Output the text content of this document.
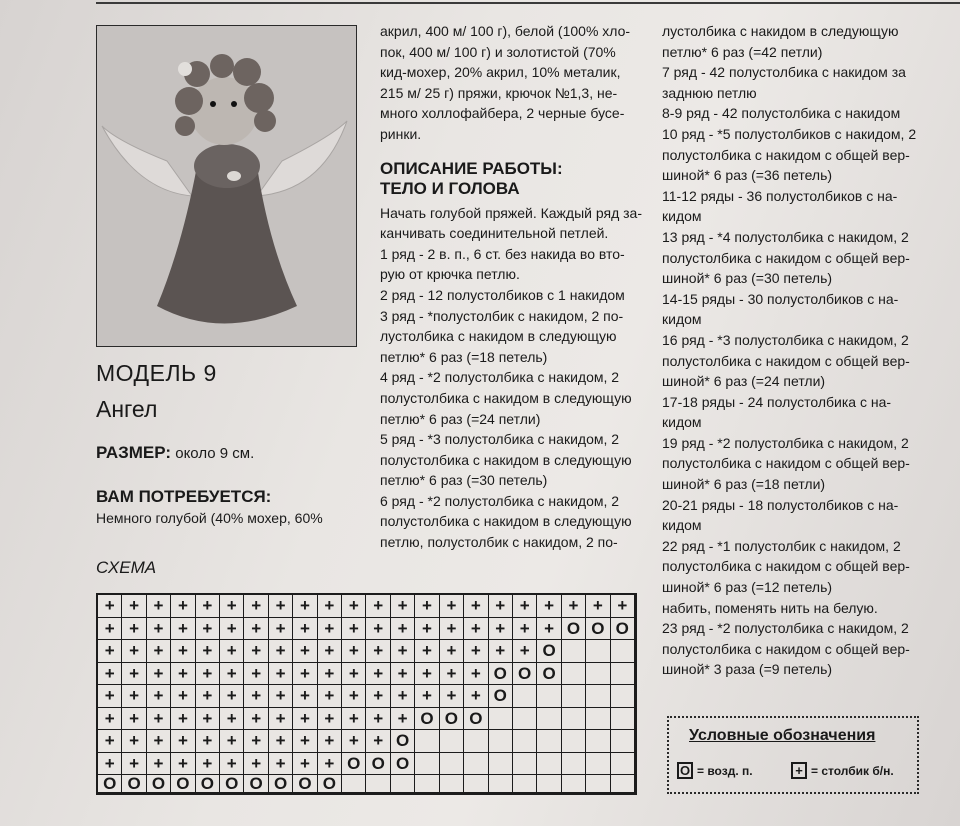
МОДЕЛЬ 9
Ангел
РАЗМЕР: около 9 см.
ВАМ ПОТРЕБУЕТСЯ:
Немного голубой (40% мохер, 60%

акрил, 400 м/ 100 г), белой (100% хло-

пок, 400 м/ 100 г) и золотистой (70%

кид-мохер, 20% акрил, 10% металик,

215 м/ 25 г) пряжи, крючок №1,3, не-

много холлофайбера, 2 черные бусе-

ринки.

ОПИСАНИЕ РАБОТЫ:
ТЕЛО И ГОЛОВА

Начать голубой пряжей. Каждый ряд за-

канчивать соединительной петлей.

1 ряд - 2 в. п., 6 ст. без накида во вто-

рую от крючка петлю.

2 ряд - 12 полустолбиков с 1 накидом

3 ряд - *полустолбик с накидом, 2 по-

лустолбика с накидом в следующую

петлю* 6 раз (=18 петель)

4 ряд - *2 полустолбика с накидом, 2

полустолбика с накидом в следующую

петлю* 6 раз (=24 петли)

5 ряд - *3 полустолбика с накидом, 2

полустолбика с накидом в следующую

петлю* 6 раз (=30 петель)

6 ряд - *2 полустолбика с накидом, 2

полустолбика с накидом в следующую

петлю, полустолбик с накидом, 2 по-

лустолбика с накидом в следующую

петлю* 6 раз (=42 петли)

7 ряд - 42 полустолбика с накидом за

заднюю петлю

8-9 ряд - 42 полустолбика с накидом

10 ряд - *5 полустолбиков с накидом, 2

полустолбика с накидом с общей вер-

шиной* 6 раз (=36 петель)

11-12 ряды - 36 полустолбиков с на-

кидом

13 ряд - *4 полустолбика с накидом, 2

полустолбика с накидом с общей вер-

шиной* 6 раз (=30 петель)

14-15 ряды - 30 полустолбиков с на-

кидом

16 ряд - *3 полустолбика с накидом, 2

полустолбика с накидом с общей вер-

шиной* 6 раз (=24 петли)

17-18 ряды - 24 полустолбика с на-

кидом

19 ряд - *2 полустолбика с накидом, 2

полустолбика с накидом с общей вер-

шиной* 6 раз (=18 петли)

20-21 ряды - 18 полустолбиков с на-

кидом

22 ряд - *1 полустолбик с накидом, 2

полустолбика с накидом с общей вер-

шиной* 6 раз (=12 петель)

набить, поменять нить на белую.

23 ряд - *2 полустолбика с накидом, 2

полустолбика с накидом с общей вер-

шиной* 3 раза (=9 петель)

СХЕМА
+ + + + + + + + + + + + + + + + + + + + + +
+ + + + + + + + + + + + + + + + + + + O O O
+ + + + + + + + + + + + + + + + + + O
+ + + + + + + + + + + + + + + + O O O
+ + + + + + + + + + + + + + + + O
+ + + + + + + + + + + + + O O O
+ + + + + + + + + + + + O
+ + + + + + + + + + O O O
O O O O O O O O O O
Условные обозначения
O = возд. п.	+ = столбик б/н.
